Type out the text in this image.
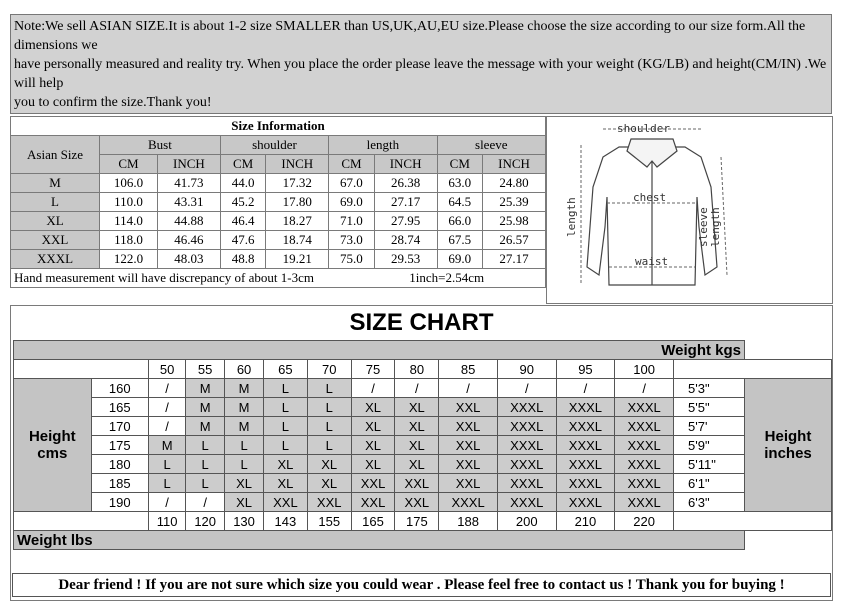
Note:We sell ASIAN SIZE.It is about 1-2 size SMALLER than US,UK,AU,EU size.Please choose the size according to our size form.All the dimensions we
have personally measured and reality try. When you place the order please leave the message with your weight (KG/LB) and height(CM/IN) .We will help
you to confirm the size.Thank you!
Size Information								
Asian Size	Bust		shoulder		length		sleeve	
	CM	INCH	CM	INCH	CM	INCH	CM	INCH
M	106.0	41.73	44.0	17.32	67.0	26.38	63.0	24.80
L	110.0	43.31	45.2	17.80	69.0	27.17	64.5	25.39
XL	114.0	44.88	46.4	18.27	71.0	27.95	66.0	25.98
XXL	118.0	46.46	47.6	18.74	73.0	28.74	67.5	26.57
XXXL	122.0	48.03	48.8	19.21	75.0	29.53	69.0	27.17
Hand measurement will have discrepancy of about 1-3cm 1inch=2.54cm								
shoulder
chest
waist
length	sleeve length
SIZE CHART
Weight kgs														
		50	55	60	65	70	75	80	85	90	95	100		
Height cms	160	/	M	M	L	L	/	/	/	/	/	/	5'3"	Height inches
	165	/	M	M	L	L	XL	XL	XXL	XXXL	XXXL	XXXL	5'5"	
	170	/	M	M	L	L	XL	XL	XXL	XXXL	XXXL	XXXL	5'7'	
	175	M	L	L	L	L	XL	XL	XXL	XXXL	XXXL	XXXL	5'9"	
	180	L	L	L	XL	XL	XL	XL	XXL	XXXL	XXXL	XXXL	5'11"	
	185	L	L	XL	XL	XL	XXL	XXL	XXL	XXXL	XXXL	XXXL	6'1"	
	190	/	/	XL	XXL	XXL	XXL	XXL	XXXL	XXXL	XXXL	XXXL	6'3"	
		110	120	130	143	155	165	175	188	200	210	220		
Weight lbs														
Dear friend ! If you are not sure which size you could wear . Please feel free to contact us ! Thank you for buying !
